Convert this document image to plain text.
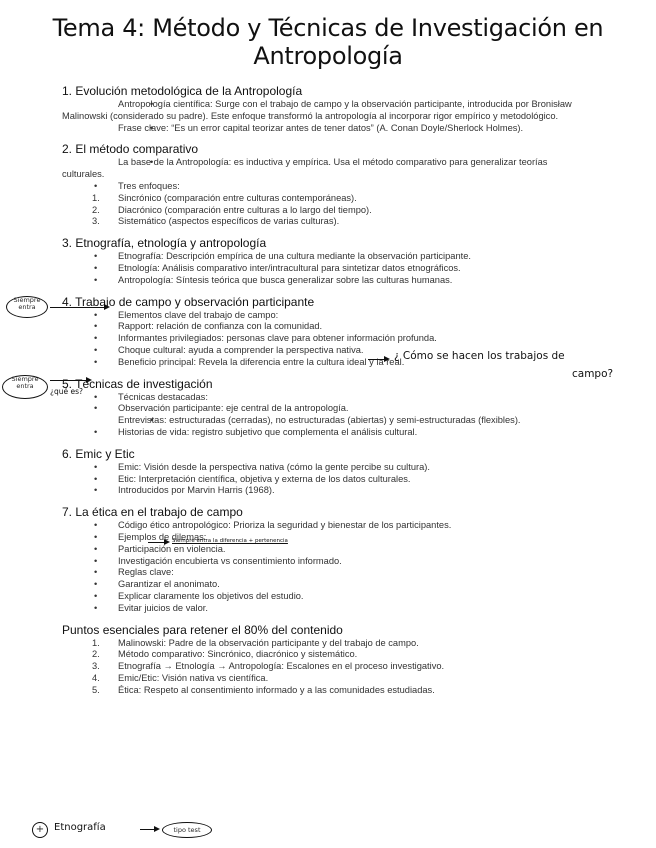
Tema 4: Método y Técnicas de Investigación en Antropología
1. Evolución metodológica de la Antropología
• Antropología científica: Surge con el trabajo de campo y la observación participante, introducida por Bronisław Malinowski (considerado su padre). Este enfoque transformó la antropología al incorporar rigor empírico y metodológico.
• Frase clave: “Es un error capital teorizar antes de tener datos” (A. Conan Doyle/Sherlock Holmes).
2. El método comparativo
• La base de la Antropología: es inductiva y empírica. Usa el método comparativo para generalizar teorías culturales.
• Tres enfoques:
1. Sincrónico (comparación entre culturas contemporáneas).
2. Diacrónico (comparación entre culturas a lo largo del tiempo).
3. Sistemático (aspectos específicos de varias culturas).
3. Etnografía, etnología y antropología
• Etnografía: Descripción empírica de una cultura mediante la observación participante.
• Etnología: Análisis comparativo inter/intracultural para sintetizar datos etnográficos.
• Antropología: Síntesis teórica que busca generalizar sobre las culturas humanas.
4. Trabajo de campo y observación participante
• Elementos clave del trabajo de campo:
• Rapport: relación de confianza con la comunidad.
• Informantes privilegiados: personas clave para obtener información profunda.
• Choque cultural: ayuda a comprender la perspectiva nativa.
• Beneficio principal: Revela la diferencia entre la cultura ideal y la real.
5. Técnicas de investigación
• Técnicas destacadas:
• Observación participante: eje central de la antropología.
• Entrevistas: estructuradas (cerradas), no estructuradas (abiertas) y semi-estructuradas (flexibles).
• Historias de vida: registro subjetivo que complementa el análisis cultural.
6. Emic y Etic
• Emic: Visión desde la perspectiva nativa (cómo la gente percibe su cultura).
• Etic: Interpretación científica, objetiva y externa de los datos culturales.
• Introducidos por Marvin Harris (1968).
7. La ética en el trabajo de campo
• Código ético antropológico: Prioriza la seguridad y bienestar de los participantes.
• Ejemplos de dilemas:
• Participación en violencia.
• Investigación encubierta vs consentimiento informado.
• Reglas clave:
• Garantizar el anonimato.
• Explicar claramente los objetivos del estudio.
• Evitar juicios de valor.
Puntos esenciales para retener el 80% del contenido
1. Malinowski: Padre de la observación participante y del trabajo de campo.
2. Método comparativo: Sincrónico, diacrónico y sistemático.
3. Etnografía → Etnología → Antropología: Escalones en el proceso investigativo.
4. Emic/Etic: Visión nativa vs científica.
5. Ética: Respeto al consentimiento informado y a las comunidades estudiadas.
Siempre entra
Siempre entra
¿qué es?
¿ Cómo se hacen los trabajos de
campo?
Siempre entra la diferencia + pertenencia
+ Etnografía	tipo test
